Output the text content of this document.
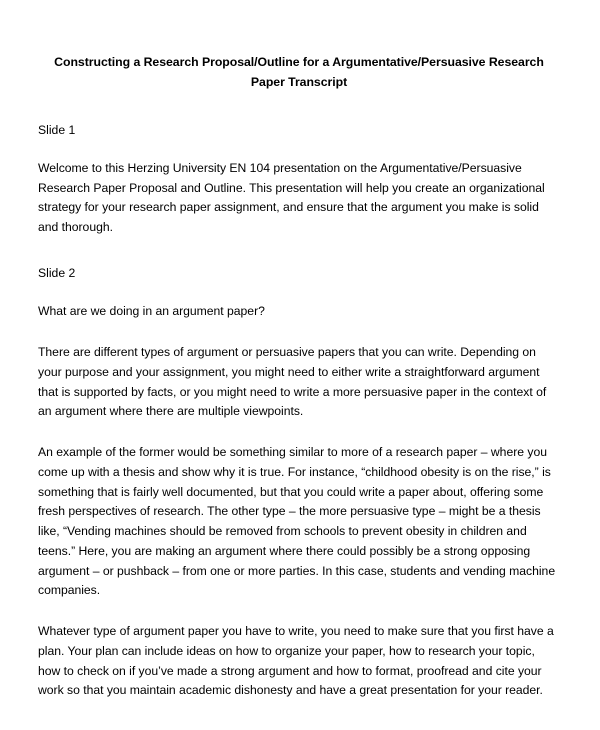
Constructing a Research Proposal/Outline for a Argumentative/Persuasive Research Paper Transcript

Slide 1

Welcome to this Herzing University EN 104 presentation on the Argumentative/Persuasive Research Paper Proposal and Outline. This presentation will help you create an organizational strategy for your research paper assignment, and ensure that the argument you make is solid and thorough.

Slide 2

What are we doing in an argument paper?

There are different types of argument or persuasive papers that you can write. Depending on your purpose and your assignment, you might need to either write a straightforward argument that is supported by facts, or you might need to write a more persuasive paper in the context of an argument where there are multiple viewpoints.

An example of the former would be something similar to more of a research paper – where you come up with a thesis and show why it is true. For instance, “childhood obesity is on the rise,” is something that is fairly well documented, but that you could write a paper about, offering some fresh perspectives of research. The other type – the more persuasive type – might be a thesis like, “Vending machines should be removed from schools to prevent obesity in children and teens.” Here, you are making an argument where there could possibly be a strong opposing argument – or pushback – from one or more parties. In this case, students and vending machine companies.

Whatever type of argument paper you have to write, you need to make sure that you first have a plan. Your plan can include ideas on how to organize your paper, how to research your topic, how to check on if you’ve made a strong argument and how to format, proofread and cite your work so that you maintain academic dishonesty and have a great presentation for your reader.
